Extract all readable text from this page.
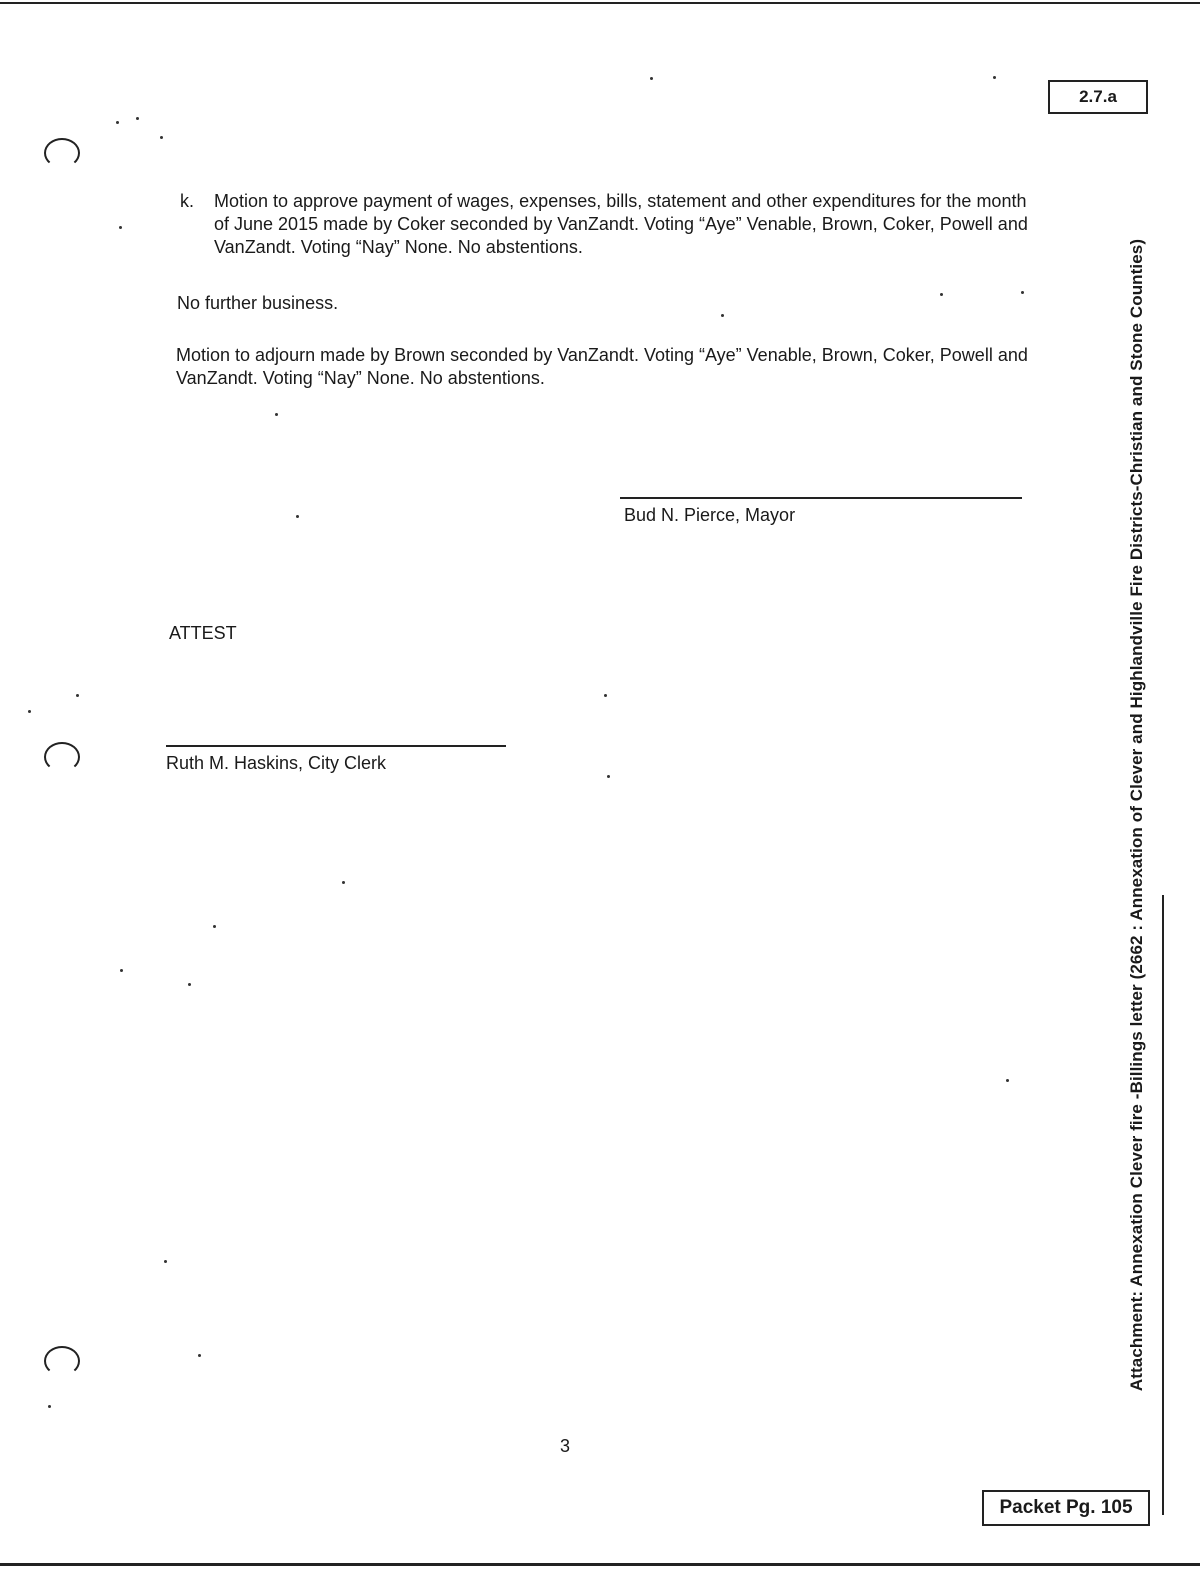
2.7.a
k. Motion to approve payment of wages, expenses, bills, statement and other expenditures for the month of June 2015 made by Coker seconded by VanZandt. Voting “Aye” Venable, Brown, Coker, Powell and VanZandt. Voting “Nay” None. No abstentions.
No further business.
Motion to adjourn made by Brown seconded by VanZandt. Voting “Aye” Venable, Brown, Coker, Powell and VanZandt. Voting “Nay” None. No abstentions.
Bud N. Pierce, Mayor
ATTEST
Ruth M. Haskins, City Clerk
3
Attachment: Annexation Clever fire -Billings letter (2662 : Annexation of Clever and Highlandville Fire Districts-Christian and Stone Counties)
Packet Pg. 105
